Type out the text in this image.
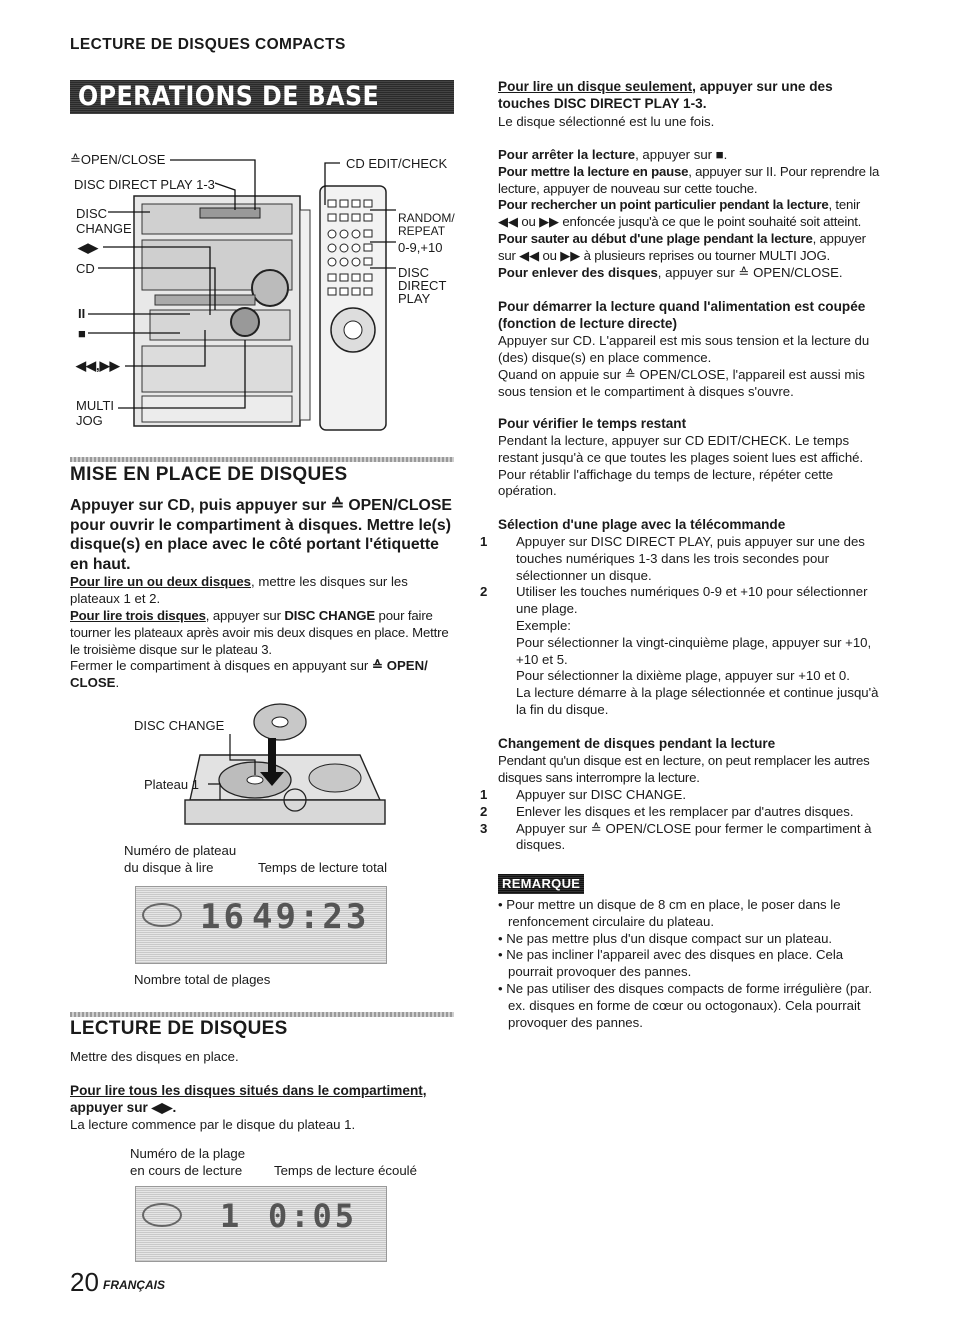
LECTURE DE DISQUES COMPACTS
OPERATIONS DE BASE
≙OPEN/CLOSE
DISC DIRECT PLAY 1-3
DISC
CHANGE
◀▶
CD
II
■
◀◀,▶▶
MULTI
JOG
CD EDIT/CHECK
RANDOM/
REPEAT
0-9,+10
DISC
DIRECT
PLAY
MISE EN PLACE DE DISQUES
Appuyer sur CD, puis appuyer sur ≙ OPEN/CLOSE pour ouvrir le compartiment à disques. Mettre le(s) disque(s) en place avec le côté portant l'étiquette en haut.
Pour lire un ou deux disques, mettre les disques sur les plateaux 1 et 2.
Pour lire trois disques, appuyer sur DISC CHANGE pour faire tourner les plateaux après avoir mis deux disques en place. Mettre le troisième disque sur le plateau 3.
Fermer le compartiment à disques en appuyant sur ≙ OPEN/ CLOSE.
DISC CHANGE
Plateau 1
Numéro de plateau
du disque à lire	Temps de lecture total
16 49:23
Nombre total de plages
LECTURE DE DISQUES
Mettre des disques en place.
Pour lire tous les disques situés dans le compartiment,
appuyer sur ◀▶.
La lecture commence par le disque du plateau 1.
Numéro de la plage
en cours de lecture Temps de lecture écoulé
1 0:05
20 FRANÇAIS
Pour lire un disque seulement, appuyer sur une des touches DISC DIRECT PLAY 1-3.
Le disque sélectionné est lu une fois.
Pour arrêter la lecture, appuyer sur ■.
Pour mettre la lecture en pause, appuyer sur II. Pour reprendre la lecture, appuyer de nouveau sur cette touche.
Pour rechercher un point particulier pendant la lecture, tenir ◀◀ ou ▶▶ enfoncée jusqu'à ce que le point souhaité soit atteint.
Pour sauter au début d'une plage pendant la lecture, appuyer sur ◀◀ ou ▶▶ à plusieurs reprises ou tourner MULTI JOG.
Pour enlever des disques, appuyer sur ≙ OPEN/CLOSE.
Pour démarrer la lecture quand l'alimentation est coupée (fonction de lecture directe)
Appuyer sur CD. L'appareil est mis sous tension et la lecture du (des) disque(s) en place commence.
Quand on appuie sur ≙ OPEN/CLOSE, l'appareil est aussi mis sous tension et le compartiment à disques s'ouvre.
Pour vérifier le temps restant
Pendant la lecture, appuyer sur CD EDIT/CHECK. Le temps restant jusqu'à ce que toutes les plages soient lues est affiché. Pour rétablir l'affichage du temps de lecture, répéter cette opération.
Sélection d'une plage avec la télécommande
1 Appuyer sur DISC DIRECT PLAY, puis appuyer sur une des touches numériques 1-3 dans les trois secondes pour sélectionner un disque.
2 Utiliser les touches numériques 0-9 et +10 pour sélectionner une plage.
Exemple:
Pour sélectionner la vingt-cinquième plage, appuyer sur +10, +10 et 5.
Pour sélectionner la dixième plage, appuyer sur +10 et 0.
La lecture démarre à la plage sélectionnée et continue jusqu'à la fin du disque.
Changement de disques pendant la lecture
Pendant qu'un disque est en lecture, on peut remplacer les autres disques sans interrompre la lecture.
1 Appuyer sur DISC CHANGE.
2 Enlever les disques et les remplacer par d'autres disques.
3 Appuyer sur ≙ OPEN/CLOSE pour fermer le compartiment à disques.
REMARQUE
• Pour mettre un disque de 8 cm en place, le poser dans le renfoncement circulaire du plateau.
• Ne pas mettre plus d'un disque compact sur un plateau.
• Ne pas incliner l'appareil avec des disques en place. Cela pourrait provoquer des pannes.
• Ne pas utiliser des disques compacts de forme irrégulière (par. ex. disques en forme de cœur ou octogonaux). Cela pourrait provoquer des pannes.
